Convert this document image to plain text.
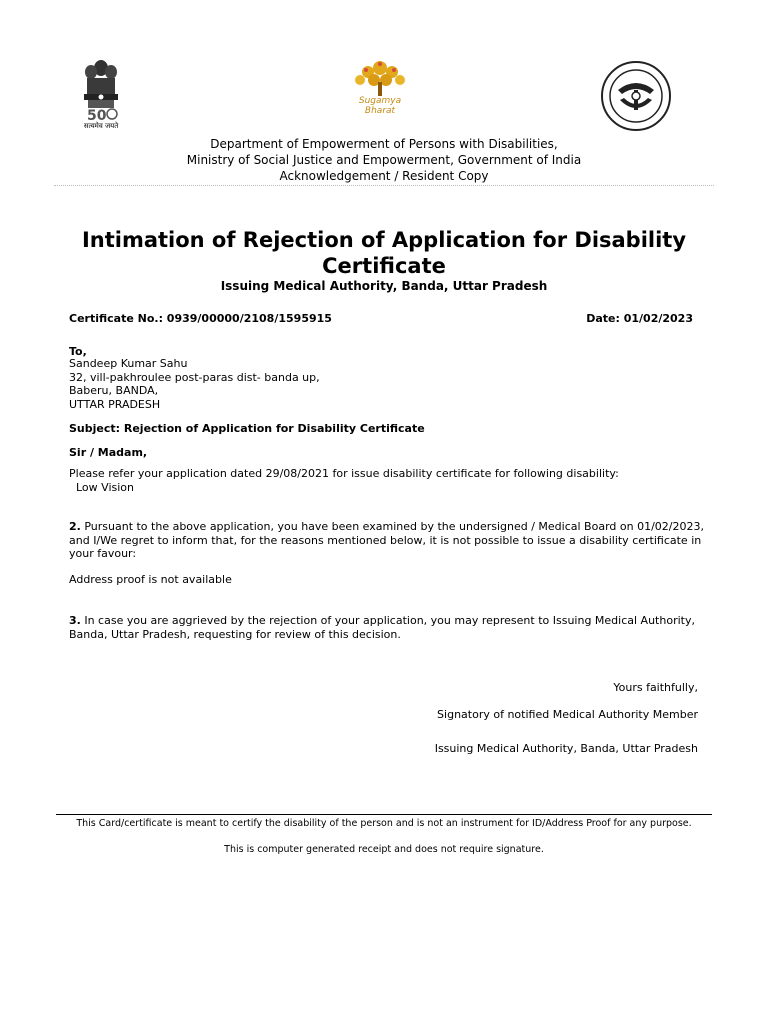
50
सत्यमेव जयते
Sugamya Bharat
Department of Empowerment of Persons with Disabilities,
Ministry of Social Justice and Empowerment, Government of India
Acknowledgement / Resident Copy
Intimation of Rejection of Application for Disability Certificate
Issuing Medical Authority, Banda, Uttar Pradesh
Certificate No.: 0939/00000/2108/1595915	Date: 01/02/2023
To,
Sandeep Kumar Sahu
32, vill-pakhroulee post-paras dist- banda up,
Baberu, BANDA,
UTTAR PRADESH
Subject: Rejection of Application for Disability Certificate
Sir / Madam,
Please refer your application dated 29/08/2021 for issue disability certificate for following disability:
Low Vision
2. Pursuant to the above application, you have been examined by the undersigned / Medical Board on 01/02/2023, and I/We regret to inform that, for the reasons mentioned below, it is not possible to issue a disability certificate in your favour:
Address proof is not available
3. In case you are aggrieved by the rejection of your application, you may represent to Issuing Medical Authority, Banda, Uttar Pradesh, requesting for review of this decision.
Yours faithfully,
Signatory of notified Medical Authority Member
Issuing Medical Authority, Banda, Uttar Pradesh
This Card/certificate is meant to certify the disability of the person and is not an instrument for ID/Address Proof for any purpose.
This is computer generated receipt and does not require signature.
